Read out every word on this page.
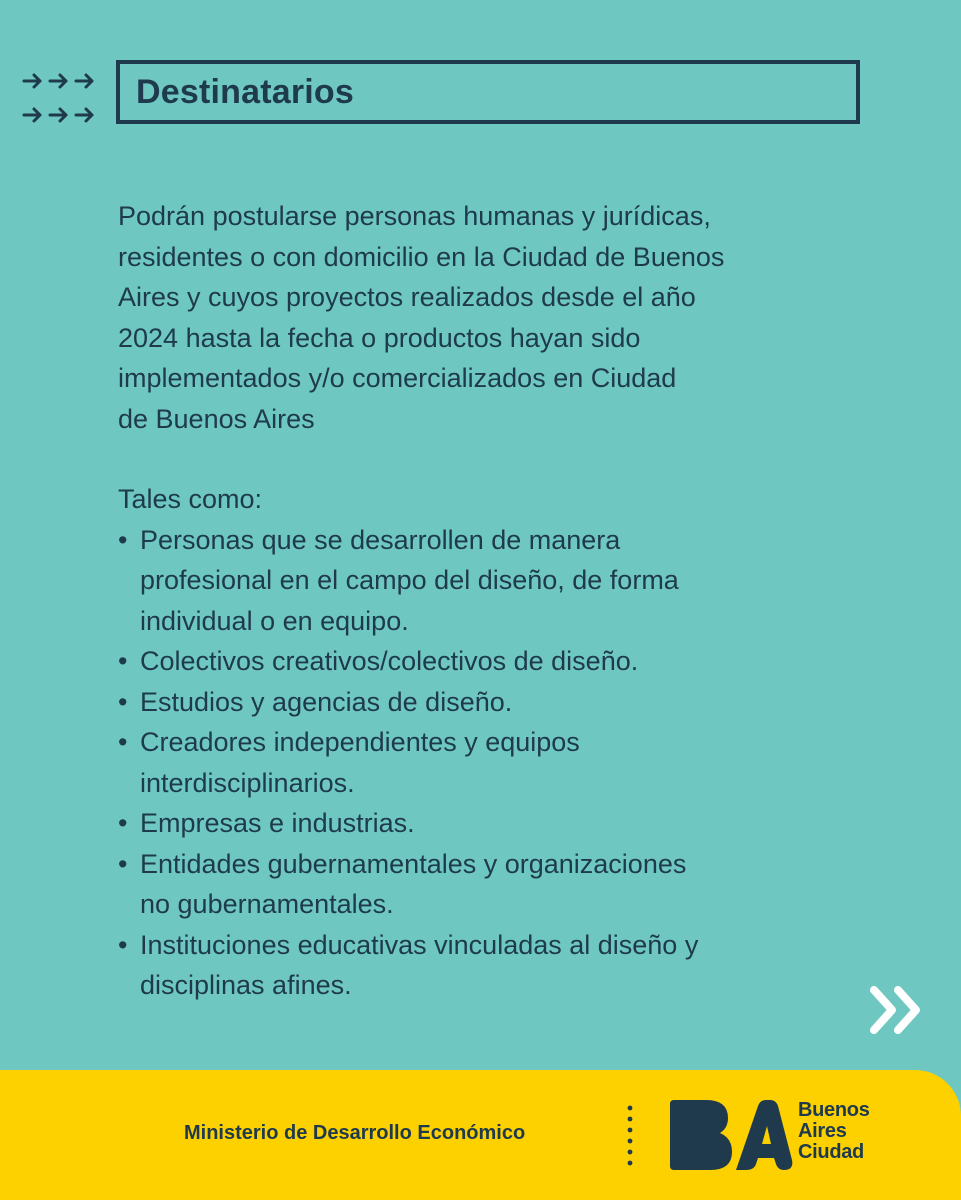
Destinatarios

Podrán postularse personas humanas y jurídicas,
residentes o con domicilio en la Ciudad de Buenos
Aires y cuyos proyectos realizados desde el año
2024 hasta la fecha o productos hayan sido
implementados y/o comercializados en Ciudad
de Buenos Aires

Tales como:

• Personas que se desarrollen de manera
profesional en el campo del diseño, de forma
individual o en equipo.
• Colectivos creativos/colectivos de diseño.
• Estudios y agencias de diseño.
• Creadores independientes y equipos
interdisciplinarios.
• Empresas e industrias.
• Entidades gubernamentales y organizaciones
no gubernamentales.
• Instituciones educativas vinculadas al diseño y
disciplinas afines.
Ministerio de Desarrollo Económico
Buenos
Aires
Ciudad
